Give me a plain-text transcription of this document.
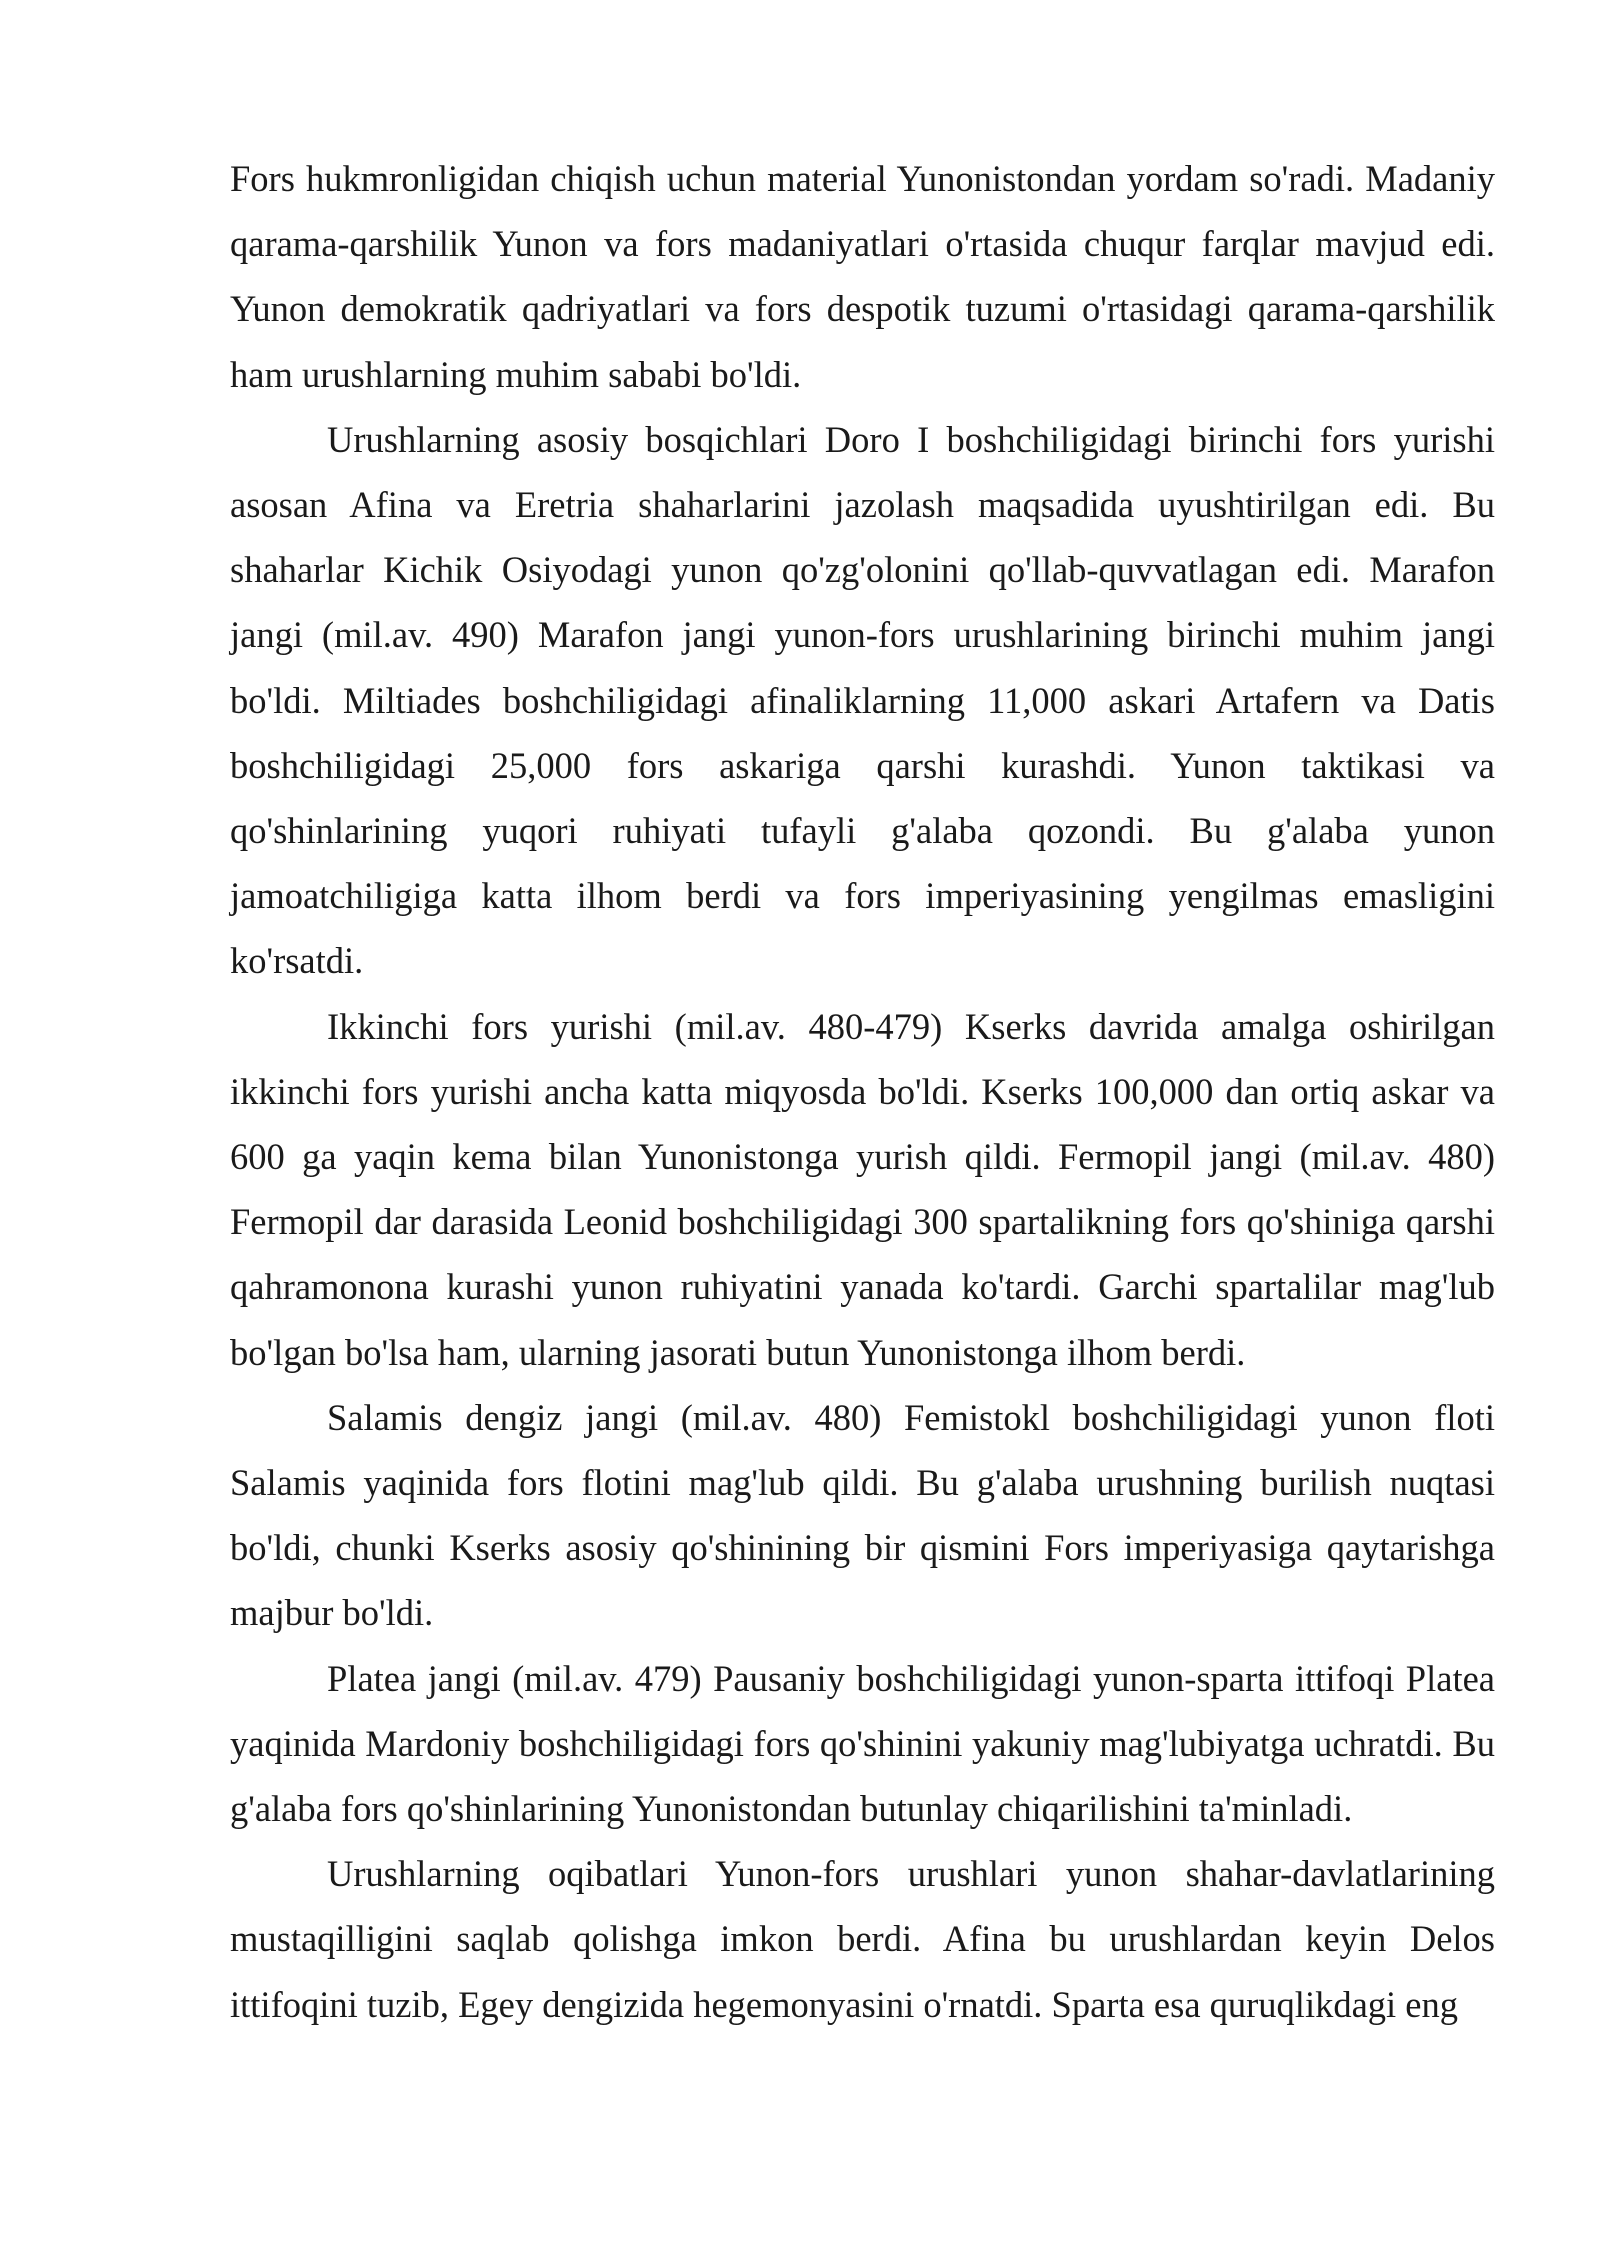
Fors hukmronligidan chiqish uchun material Yunonistondan yordam so'radi. Madaniy qarama-qarshilik Yunon va fors madaniyatlari o'rtasida chuqur farqlar mavjud edi. Yunon demokratik qadriyatlari va fors despotik tuzumi o'rtasidagi qarama-qarshilik ham urushlarning muhim sababi bo'ldi.

Urushlarning asosiy bosqichlari Doro I boshchiligidagi birinchi fors yurishi asosan Afina va Eretria shaharlarini jazolash maqsadida uyushtirilgan edi. Bu shaharlar Kichik Osiyodagi yunon qo'zg'olonini qo'llab-quvvatlagan edi. Marafon jangi (mil.av. 490) Marafon jangi yunon-fors urushlarining birinchi muhim jangi bo'ldi. Miltiades boshchiligidagi afinaliklarning 11,000 askari Artafern va Datis boshchiligidagi 25,000 fors askariga qarshi kurashdi. Yunon taktikasi va qo'shinlarining yuqori ruhiyati tufayli g'alaba qozondi. Bu g'alaba yunon jamoatchiligiga katta ilhom berdi va fors imperiyasining yengilmas emasligini ko'rsatdi.

Ikkinchi fors yurishi (mil.av. 480-479) Kserks davrida amalga oshirilgan ikkinchi fors yurishi ancha katta miqyosda bo'ldi. Kserks 100,000 dan ortiq askar va 600 ga yaqin kema bilan Yunonistonga yurish qildi. Fermopil jangi (mil.av. 480) Fermopil dar darasida Leonid boshchiligidagi 300 spartalikning fors qo'shiniga qarshi qahramonona kurashi yunon ruhiyatini yanada ko'tardi. Garchi spartalilar mag'lub bo'lgan bo'lsa ham, ularning jasorati butun Yunonistonga ilhom berdi.

Salamis dengiz jangi (mil.av. 480) Femistokl boshchiligidagi yunon floti Salamis yaqinida fors flotini mag'lub qildi. Bu g'alaba urushning burilish nuqtasi bo'ldi, chunki Kserks asosiy qo'shinining bir qismini Fors imperiyasiga qaytarishga majbur bo'ldi.

Platea jangi (mil.av. 479) Pausaniy boshchiligidagi yunon-sparta ittifoqi Platea yaqinida Mardoniy boshchiligidagi fors qo'shinini yakuniy mag'lubiyatga uchratdi. Bu g'alaba fors qo'shinlarining Yunonistondan butunlay chiqarilishini ta'minladi.

Urushlarning oqibatlari Yunon-fors urushlari yunon shahar-davlatlarining mustaqilligini saqlab qolishga imkon berdi. Afina bu urushlardan keyin Delos ittifoqini tuzib, Egey dengizida hegemonyasini o'rnatdi. Sparta esa quruqlikdagi eng
